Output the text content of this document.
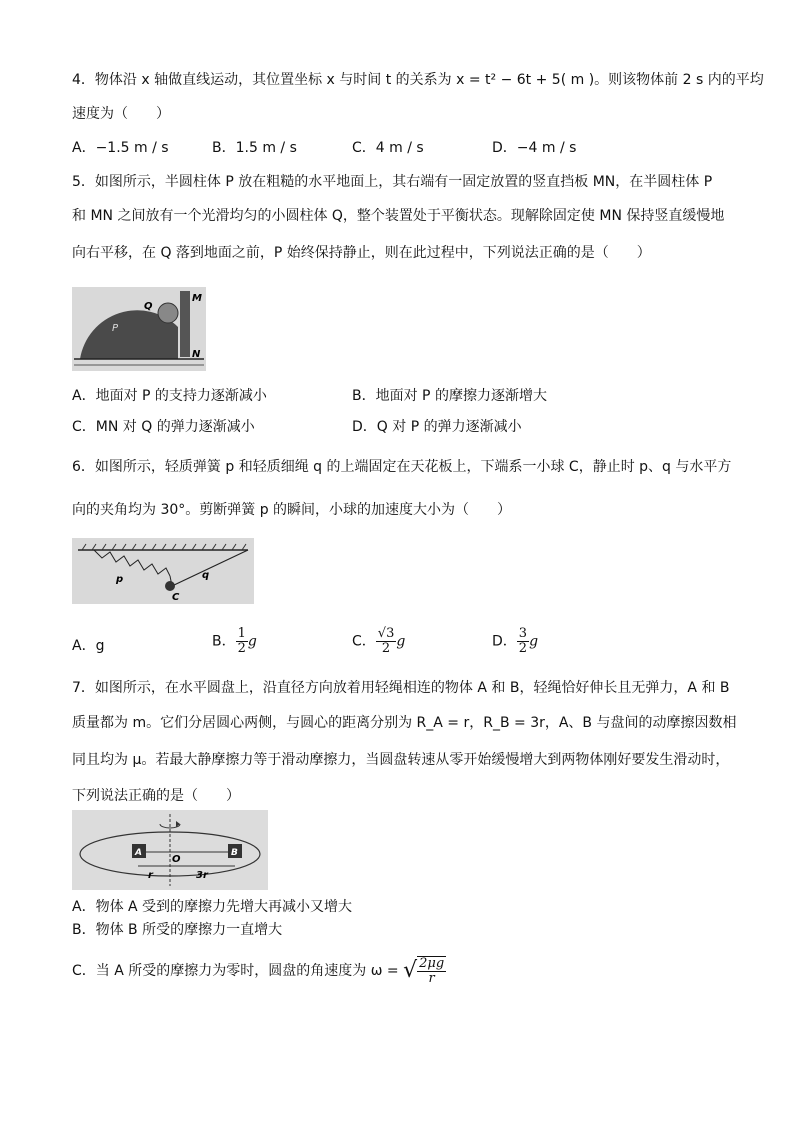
4．物体沿 x 轴做直线运动，其位置坐标 x 与时间 t 的关系为 x = t² − 6t + 5( m )。则该物体前 2 s 内的平均
速度为（　　）
A．−1.5 m / s	B．1.5 m / s	C．4 m / s	D．−4 m / s
5．如图所示，半圆柱体 P 放在粗糙的水平地面上，其右端有一固定放置的竖直挡板 MN，在半圆柱体 P
和 MN 之间放有一个光滑均匀的小圆柱体 Q，整个装置处于平衡状态。现解除固定使 MN 保持竖直缓慢地
向右平移，在 Q 落到地面之前，P 始终保持静止，则在此过程中，下列说法正确的是（　　）
Q
M
P
N
A．地面对 P 的支持力逐渐减小	B．地面对 P 的摩擦力逐渐增大
C．MN 对 Q 的弹力逐渐减小	D．Q 对 P 的弹力逐渐减小
6．如图所示，轻质弹簧 p 和轻质细绳 q 的上端固定在天花板上，下端系一小球 C，静止时 p、q 与水平方
向的夹角均为 30°。剪断弹簧 p 的瞬间，小球的加速度大小为（　　）
p	q
C
A．g	B． $\frac{1}{2}$ g	C． $\frac{√3}{2}$ g	D． $\frac{3}{2}$ g
7．如图所示，在水平圆盘上，沿直径方向放着用轻绳相连的物体 A 和 B，轻绳恰好伸长且无弹力，A 和 B
质量都为 m。它们分居圆心两侧，与圆心的距离分别为 R_A = r，R_B = 3r，A、B 与盘间的动摩擦因数相
同且均为 μ。若最大静摩擦力等于滑动摩擦力，当圆盘转速从零开始缓慢增大到两物体刚好要发生滑动时，
下列说法正确的是（　　）
A	B
O
r	3r
A．物体 A 受到的摩擦力先增大再减小又增大
B．物体 B 所受的摩擦力一直增大
C．当 A 所受的摩擦力为零时，圆盘的角速度为 ω = √ $\frac{2\mu g}{r}$
